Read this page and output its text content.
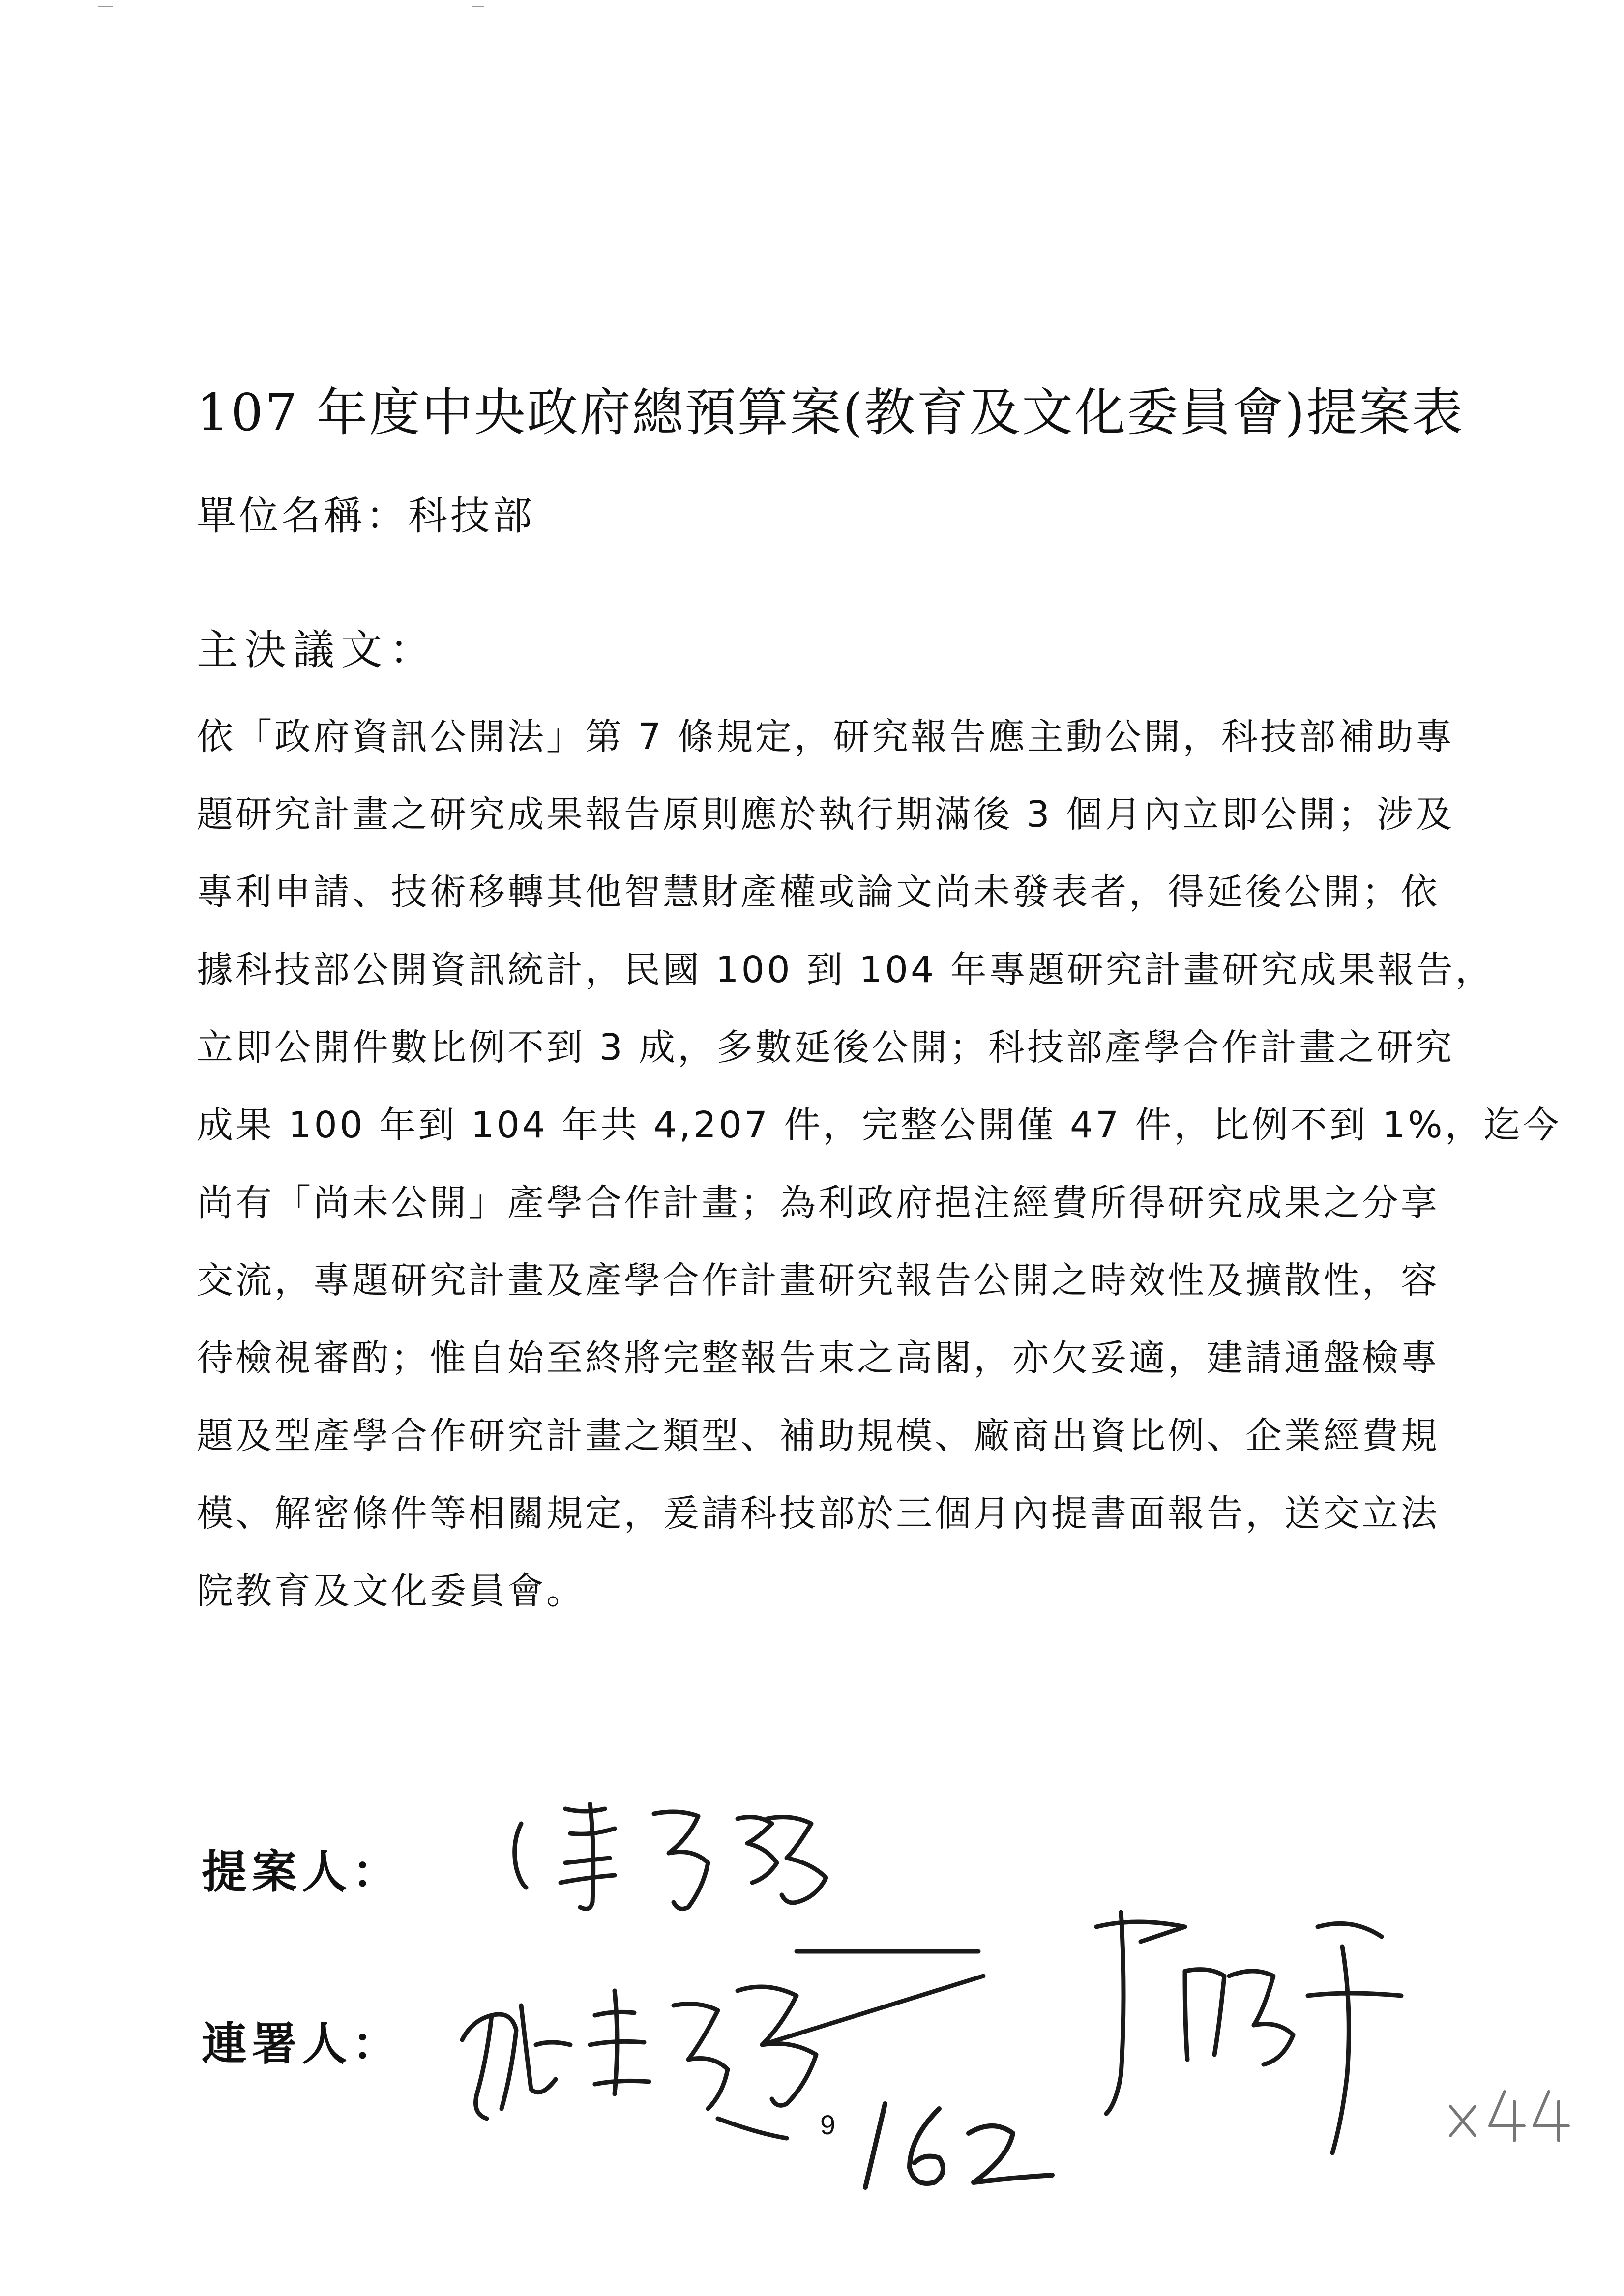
107 年度中央政府總預算案(教育及文化委員會)提案表
單位名稱：科技部
主決議文：
依「政府資訊公開法」第 7 條規定，研究報告應主動公開，科技部補助專
題研究計畫之研究成果報告原則應於執行期滿後 3 個月內立即公開；涉及
專利申請、技術移轉其他智慧財產權或論文尚未發表者，得延後公開；依
據科技部公開資訊統計，民國 100 到 104 年專題研究計畫研究成果報告，
立即公開件數比例不到 3 成，多數延後公開；科技部產學合作計畫之研究
成果 100 年到 104 年共 4,207 件，完整公開僅 47 件，比例不到 1%，迄今
尚有「尚未公開」產學合作計畫；為利政府挹注經費所得研究成果之分享
交流，專題研究計畫及產學合作計畫研究報告公開之時效性及擴散性，容
待檢視審酌；惟自始至終將完整報告束之高閣，亦欠妥適，建請通盤檢專
題及型產學合作研究計畫之類型、補助規模、廠商出資比例、企業經費規
模、解密條件等相關規定，爰請科技部於三個月內提書面報告，送交立法
院教育及文化委員會。
提案人：
連署人：
9
